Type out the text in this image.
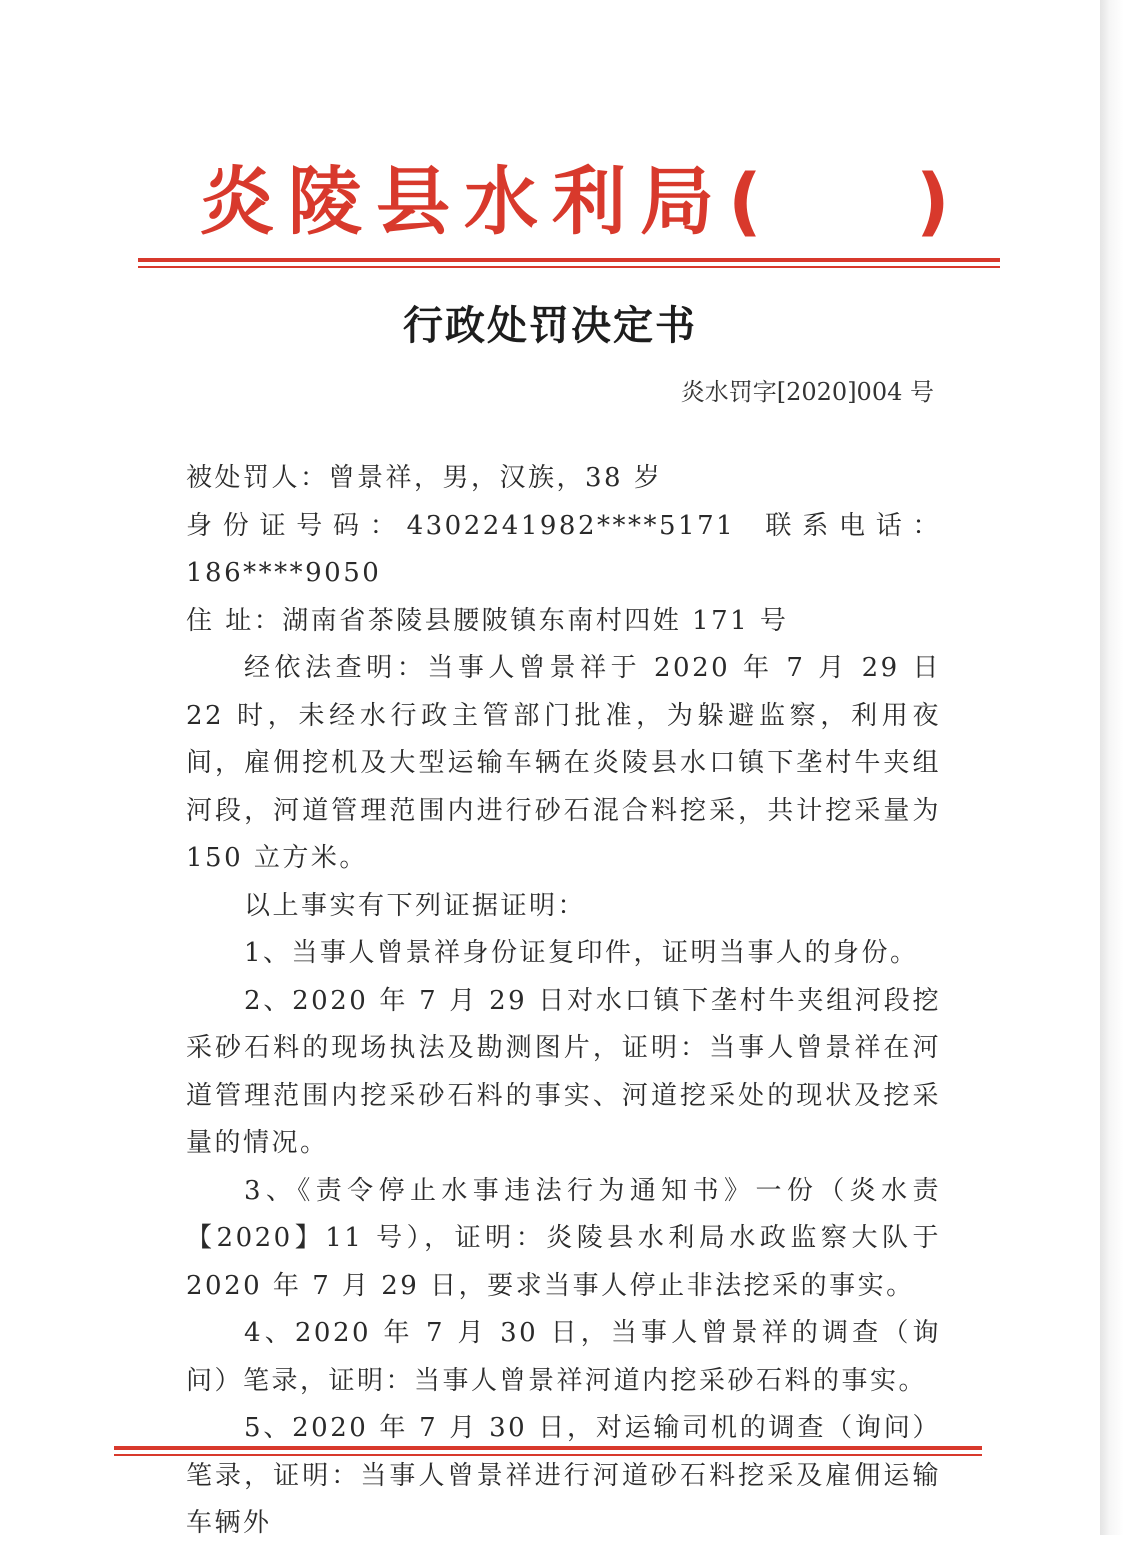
炎陵县水利局( )
行政处罚决定书
炎水罚字[2020]004 号

被处罚人：曾景祥，男，汉族，38 岁

身份证号码：4302241982****5171 联系电话：186****9050

住 址：湖南省茶陵县腰陂镇东南村四姓 171 号

经依法查明：当事人曾景祥于 2020 年 7 月 29 日 22 时，未经水行政主管部门批准，为躲避监察，利用夜间，雇佣挖机及大型运输车辆在炎陵县水口镇下垄村牛夹组河段，河道管理范围内进行砂石混合料挖采，共计挖采量为 150 立方米。

以上事实有下列证据证明：

1、当事人曾景祥身份证复印件，证明当事人的身份。

2、2020 年 7 月 29 日对水口镇下垄村牛夹组河段挖采砂石料的现场执法及勘测图片，证明：当事人曾景祥在河道管理范围内挖采砂石料的事实、河道挖采处的现状及挖采量的情况。

3、《责令停止水事违法行为通知书》一份（炎水责【2020】11 号），证明：炎陵县水利局水政监察大队于 2020 年 7 月 29 日，要求当事人停止非法挖采的事实。

4、2020 年 7 月 30 日，当事人曾景祥的调查（询问）笔录，证明：当事人曾景祥河道内挖采砂石料的事实。

5、2020 年 7 月 30 日，对运输司机的调查（询问）笔录，证明：当事人曾景祥进行河道砂石料挖采及雇佣运输车辆外
